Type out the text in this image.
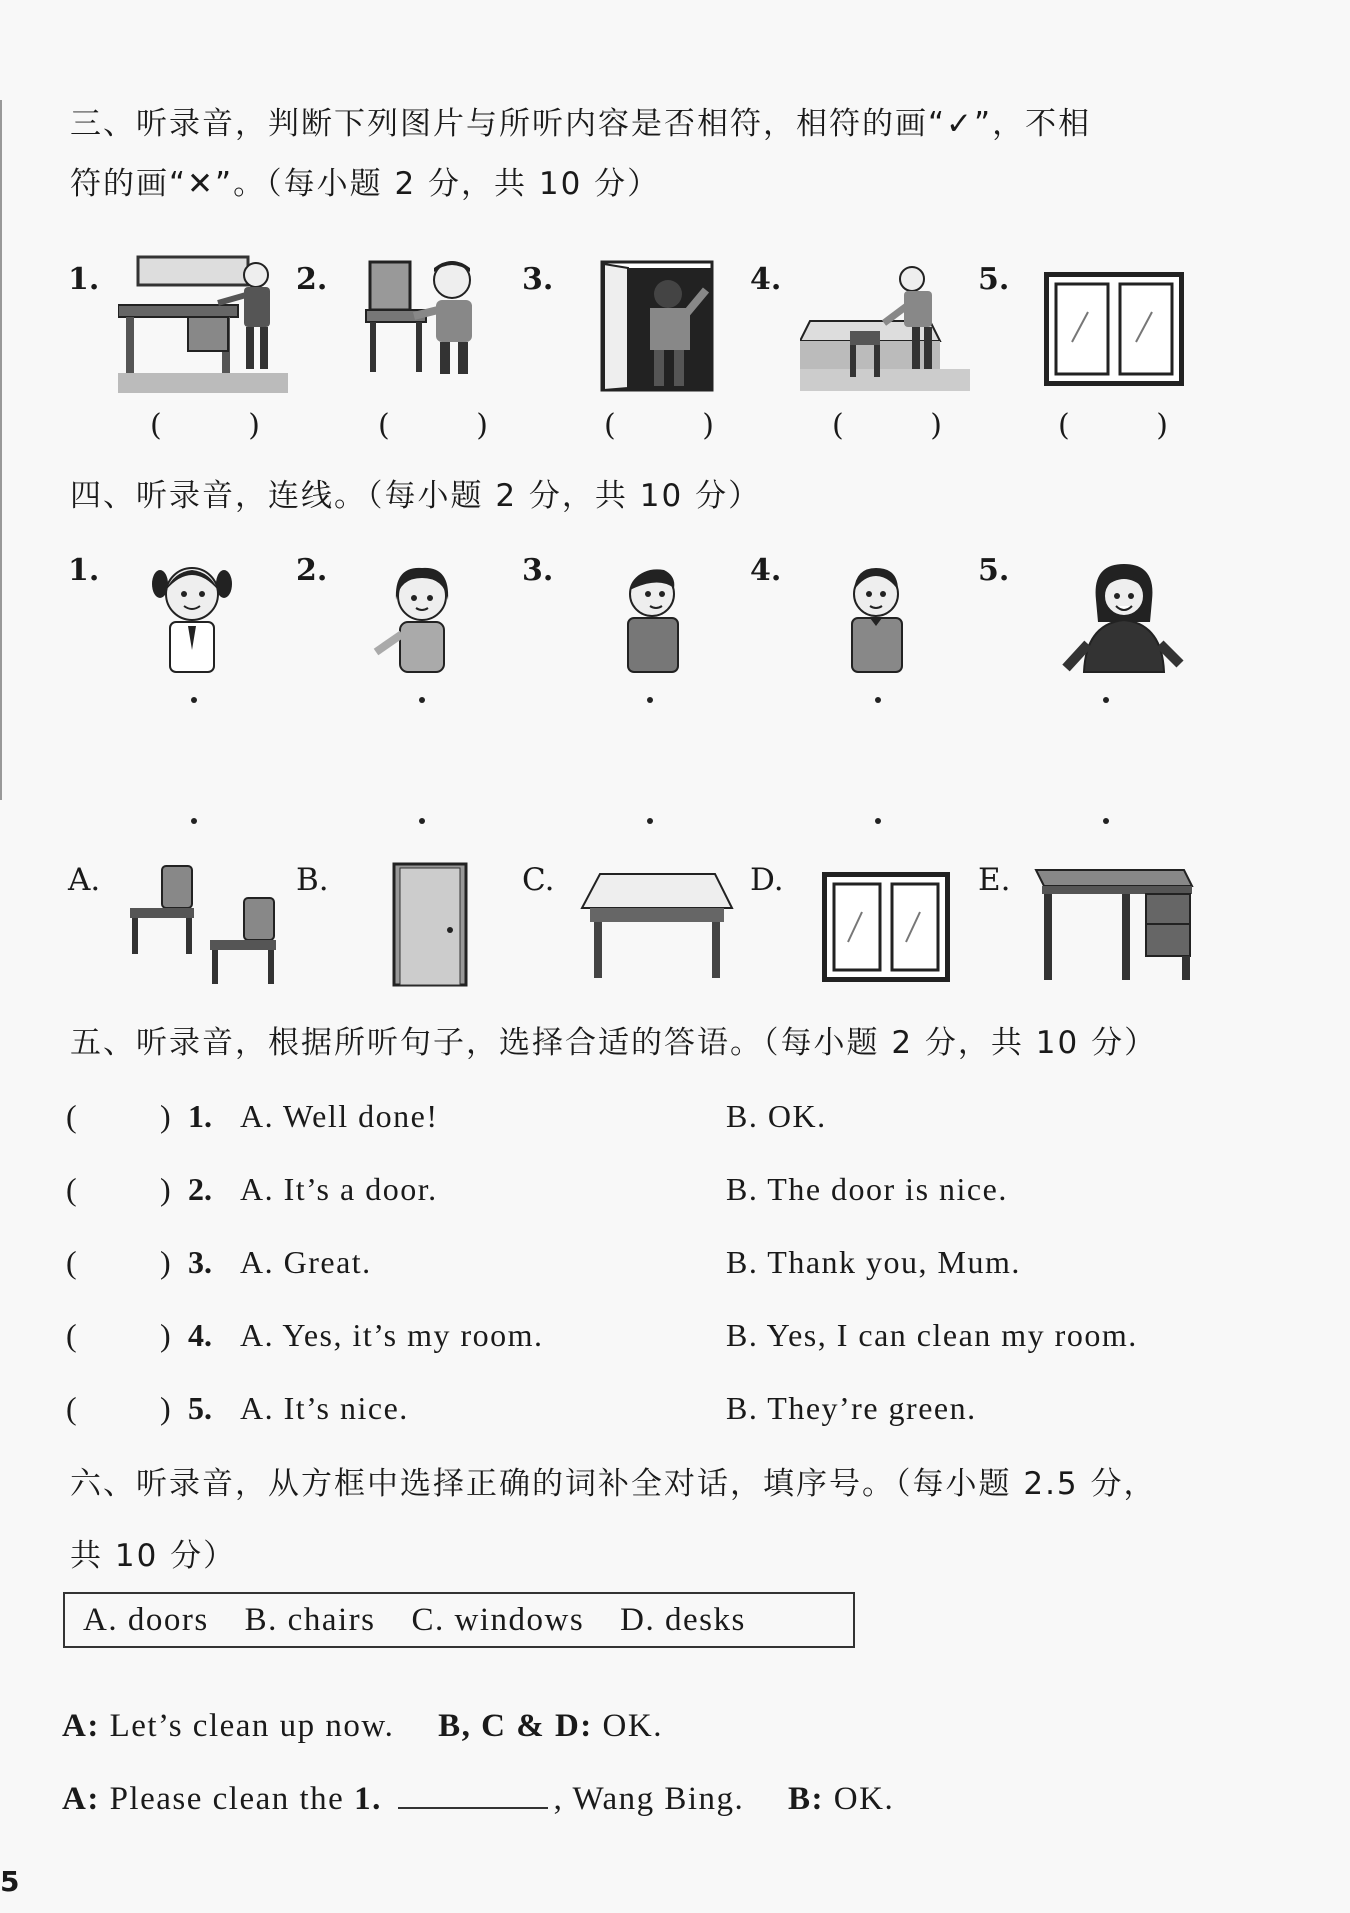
三、听录音，判断下列图片与所听内容是否相符，相符的画“✓”，不相
符的画“✕”。（每小题 2 分，共 10 分）
1.	2.	3.	4.	5.
(	)	(	)	(	)	(	)	(	)
四、听录音，连线。（每小题 2 分，共 10 分）
1.	2.	3.	4.	5.
A.	B.	C.	D.	E.
五、听录音，根据所听句子，选择合适的答语。（每小题 2 分，共 10 分）
(	) 1. A. Well done!	B. OK.
(	) 2. A. It’s a door.	B. The door is nice.
(	) 3. A. Great.	B. Thank you, Mum.
(	) 4. A. Yes, it’s my room.	B. Yes, I can clean my room.
(	) 5. A. It’s nice.	B. They’re green.
六、听录音，从方框中选择正确的词补全对话，填序号。（每小题 2.5 分，
共 10 分）
A. doors B. chairs C. windows D. desks
A: Let’s clean up now. B, C & D: OK.
A: Please clean the 1.	, Wang Bing. B: OK.
5
